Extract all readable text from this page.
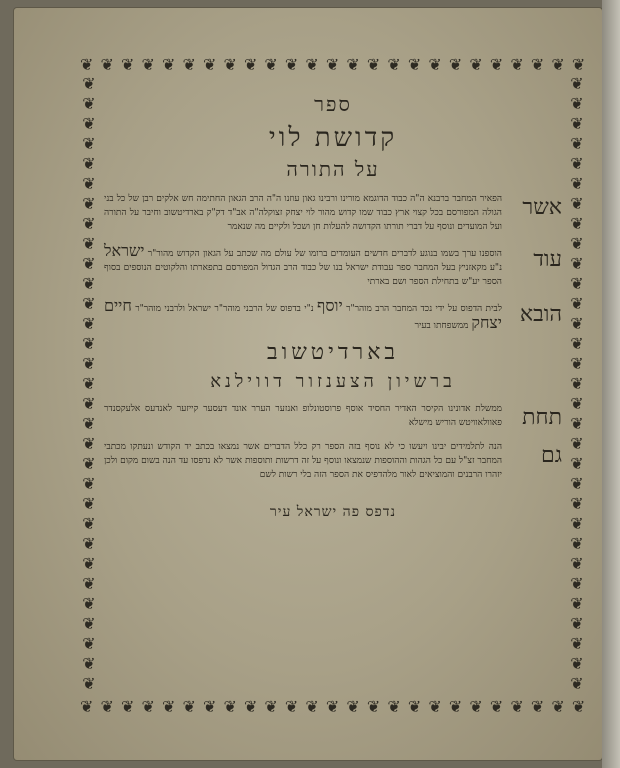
❦ ❦ ❦ ❦ ❦ ❦ ❦ ❦ ❦ ❦ ❦ ❦ ❦ ❦ ❦ ❦ ❦ ❦ ❦ ❦ ❦ ❦ ❦ ❦ ❦
❦ ❦ ❦ ❦ ❦ ❦ ❦ ❦ ❦ ❦ ❦ ❦ ❦ ❦ ❦ ❦ ❦ ❦ ❦ ❦ ❦ ❦ ❦ ❦ ❦
❦❦❦❦❦❦❦❦❦❦❦❦❦❦❦❦❦❦❦❦❦❦❦❦❦❦❦❦❦❦❦
❦❦❦❦❦❦❦❦❦❦❦❦❦❦❦❦❦❦❦❦❦❦❦❦❦❦❦❦❦❦❦
ספר
קדושת לוי
על התורה
אשר
הפאיר המחבר ברבנא ה"ה כבוד הדוגמא מורינו ורבינו גאון עוזנו ה"ה הרב הגאון החתימה חש אלקים רבן של כל בני הגולה המפורסם בכל קצוי ארץ כבוד שמו קדוש מהור לוי יצחק זצוקלה"ה אב"ד דק"ק בארדיטשוב וחיבר על התורה ועל המועדים ונוסף על דברי תורתו הקדושה להעלות חן ושכל ולקיים מה שנאמר
עוד
הוספנו ערך בשמו בנוגע לדברים חדשים העומדים ברומו של עולם מה שכתב על הגאון הקדוש מהור"ר ישראל נ"ע מקאזניץ בעל המחבר ספר עבודת ישראל בנו של כבוד הרב הגדול המפורסם בתפארתו והלקוטים הנוספים בסוף הספר יע"ש בתחילת הספר ושם בארתי
הובא
לבית הדפוס על ידי נכד המחבר הרב מוהר"ר יוסף נ"י בדפוס של הרבני מוהר"ר ישראל ולרבני מוהר"ר חיים יצחק ממשפחתו בעיר
בארדיטשוב
ברשיון הצענזור דווילנא
תחת
ממשלת אדונינו הקיסר האדיר החסיד אוסף פרוסטונלופ ואנזער הערר אונד דעסער קייזער לאנדעס אלעקסנדר פאוולאוויטש הוריש מישלא
גם
הנה לתלמידים יבינו ויעשו כי לא נוסף בזה הספר רק כלל הדברים אשר נמצאו בכתב יד הקודש ונעתקו מכתבי המחבר זצ"ל עם כל הגהות וההוספות שנמצאו ונוסף על זה דרשות ותוספות אשר לא נדפסו עד הנה בשום מקום ולכן יזהרו הרבנים והמוציאים לאור מלהדפיס את הספר הזה בלי רשות לשם
נדפס פה ישראל עיר
